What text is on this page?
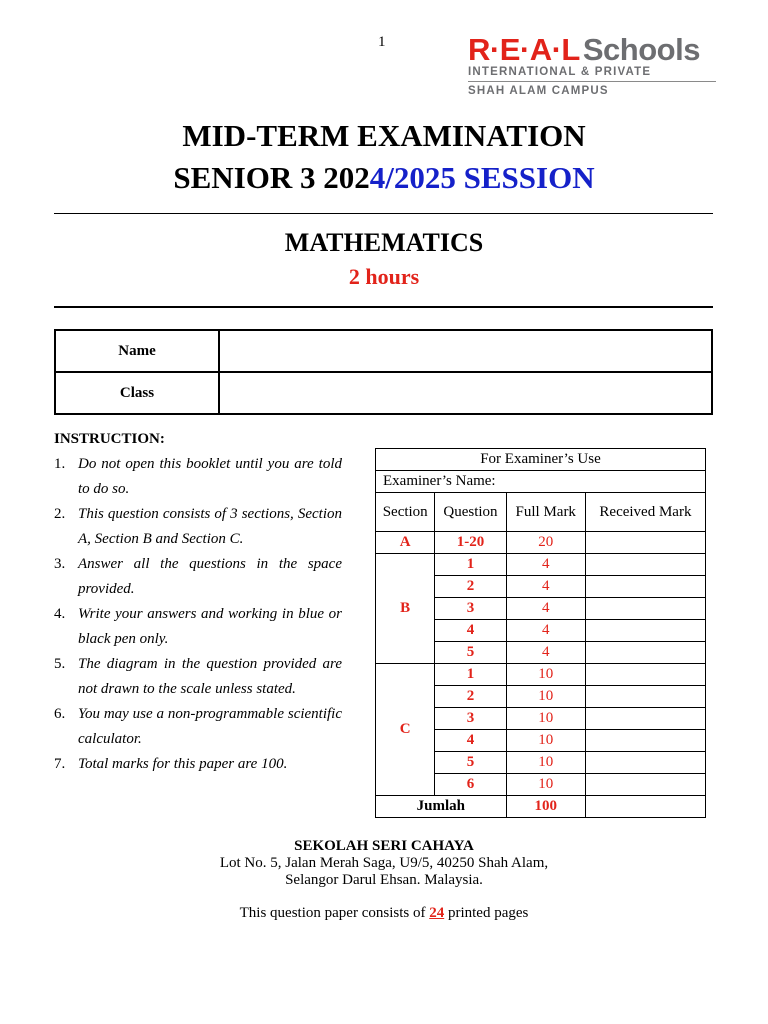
1	R·E·A·LSchools
INTERNATIONAL & PRIVATE
SHAH ALAM CAMPUS
MID-TERM EXAMINATION
SENIOR 3 2024/2025 SESSION
MATHEMATICS
2 hours
Name	
Class	
INSTRUCTION:
1. Do not open this booklet until you are told to do so.
2. This question consists of 3 sections, Section A, Section B and Section C.
3. Answer all the questions in the space provided.
4. Write your answers and working in blue or black pen only.
5. The diagram in the question provided are not drawn to the scale unless stated.
6. You may use a non-programmable scientific calculator.
7. Total marks for this paper are 100.
For Examiner’s Use			
Examiner’s Name:			
Section	Question	Full Mark	Received Mark
A	1-20	20	
B	1	4	
	2	4	
	3	4	
	4	4	
	5	4	
C	1	10	
	2	10	
	3	10	
	4	10	
	5	10	
	6	10	
Jumlah		100	
SEKOLAH SERI CAHAYA
Lot No. 5, Jalan Merah Saga, U9/5, 40250 Shah Alam,
Selangor Darul Ehsan. Malaysia.
This question paper consists of 24 printed pages
